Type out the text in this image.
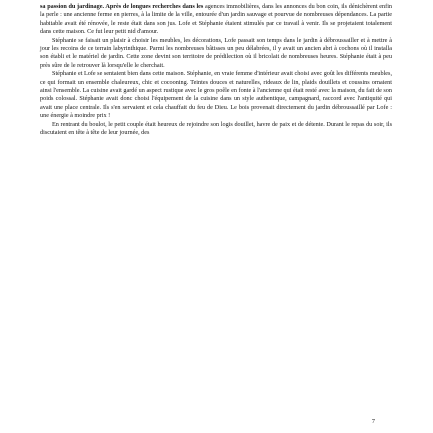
sa passion du jardinage. Après de longues recherches dans les agences immobilières, dans les annonces du bon coin, ils dénichèrent enfin la perle : une ancienne ferme en pierres, à la limite de la ville, entourée d'un jardin sauvage et pourvue de nombreuses dépendances. La partie habitable avait été rénovée, le reste était dans son jus. Lofe et Stéphanie étaient stimulés par ce travail à venir. Ils se projetaient totalement dans cette maison. Ce fut leur petit nid d'amour.

Stéphanie se faisait un plaisir à choisir les meubles, les décorations, Lofe passait son temps dans le jardin à débroussailler et à mettre à jour les recoins de ce terrain labyrinthique. Parmi les nombreuses bâtisses un peu délabrées, il y avait un ancien abri à cochons où il installa son établi et le matériel de jardin. Cette zone devint son territoire de prédilection où il bricolait de nombreuses heures. Stéphanie était à peu près sûre de le retrouver là lorsqu'elle le cherchait.

Stéphanie et Lofe se sentaient bien dans cette maison. Stéphanie, en vraie femme d'intérieur avait choisi avec goût les différents meubles, ce qui formait un ensemble chaleureux, chic et cocooning. Teintes douces et naturelles, rideaux de lin, plaids douillets et coussins ornaient ainsi l'ensemble. La cuisine avait gardé un aspect rustique avec le gros poêle en fonte à l'ancienne qui était resté avec la maison, du fait de son poids colossal. Stéphanie avait donc choisi l'équipement de la cuisine dans un style authentique, campagnard, raccord avec l'antiquité qui avait une place centrale. Ils s'en servaient et cela chauffait du feu de Dieu. Le bois provenait directement du jardin débroussaillé par Lofe : une énergie à moindre prix !

En rentrant du boulot, le petit couple était heureux de rejoindre son logis douillet, havre de paix et de détente. Durant le repas du soir, ils discutaient en tête à tête de leur journée, des

7
